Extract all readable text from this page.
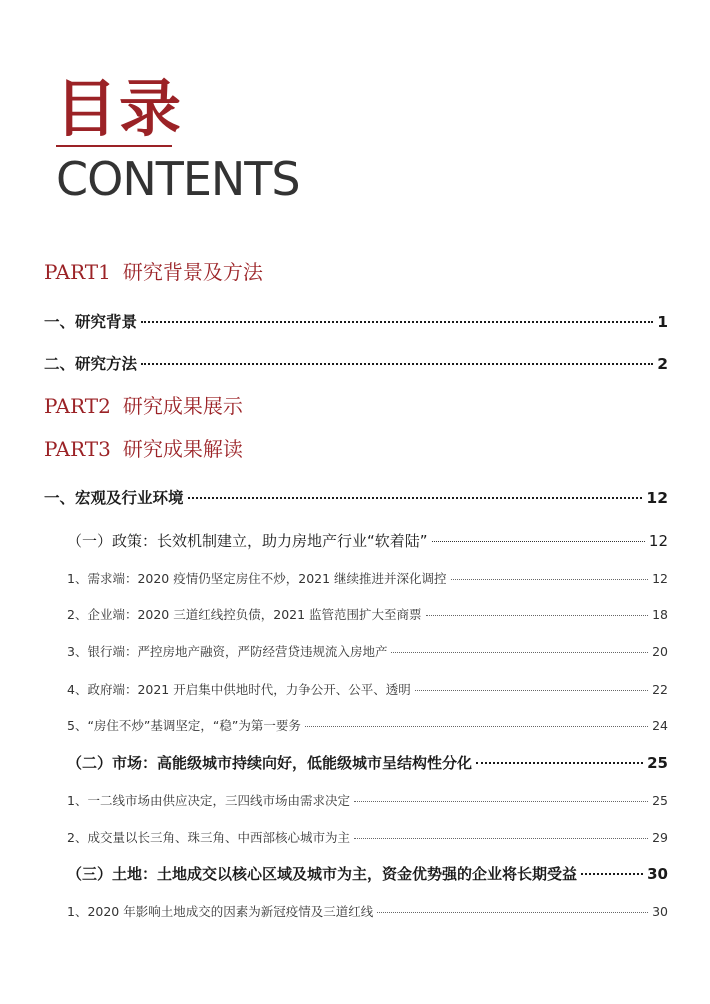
目录
CONTENTS
PART1 研究背景及方法
一、研究背景	1
二、研究方法	2
PART2 研究成果展示
PART3 研究成果解读
一、宏观及行业环境	12
（一）政策：长效机制建立，助力房地产行业“软着陆”	12
1、需求端：2020 疫情仍坚定房住不炒，2021 继续推进并深化调控	12
2、企业端：2020 三道红线控负债，2021 监管范围扩大至商票	18
3、银行端：严控房地产融资，严防经营贷违规流入房地产	20
4、政府端：2021 开启集中供地时代，力争公开、公平、透明	22
5、“房住不炒”基调坚定，“稳”为第一要务	24
（二）市场：高能级城市持续向好，低能级城市呈结构性分化	25
1、一二线市场由供应决定，三四线市场由需求决定	25
2、成交量以长三角、珠三角、中西部核心城市为主	29
（三）土地：土地成交以核心区域及城市为主，资金优势强的企业将长期受益	30
1、2020 年影响土地成交的因素为新冠疫情及三道红线	30
